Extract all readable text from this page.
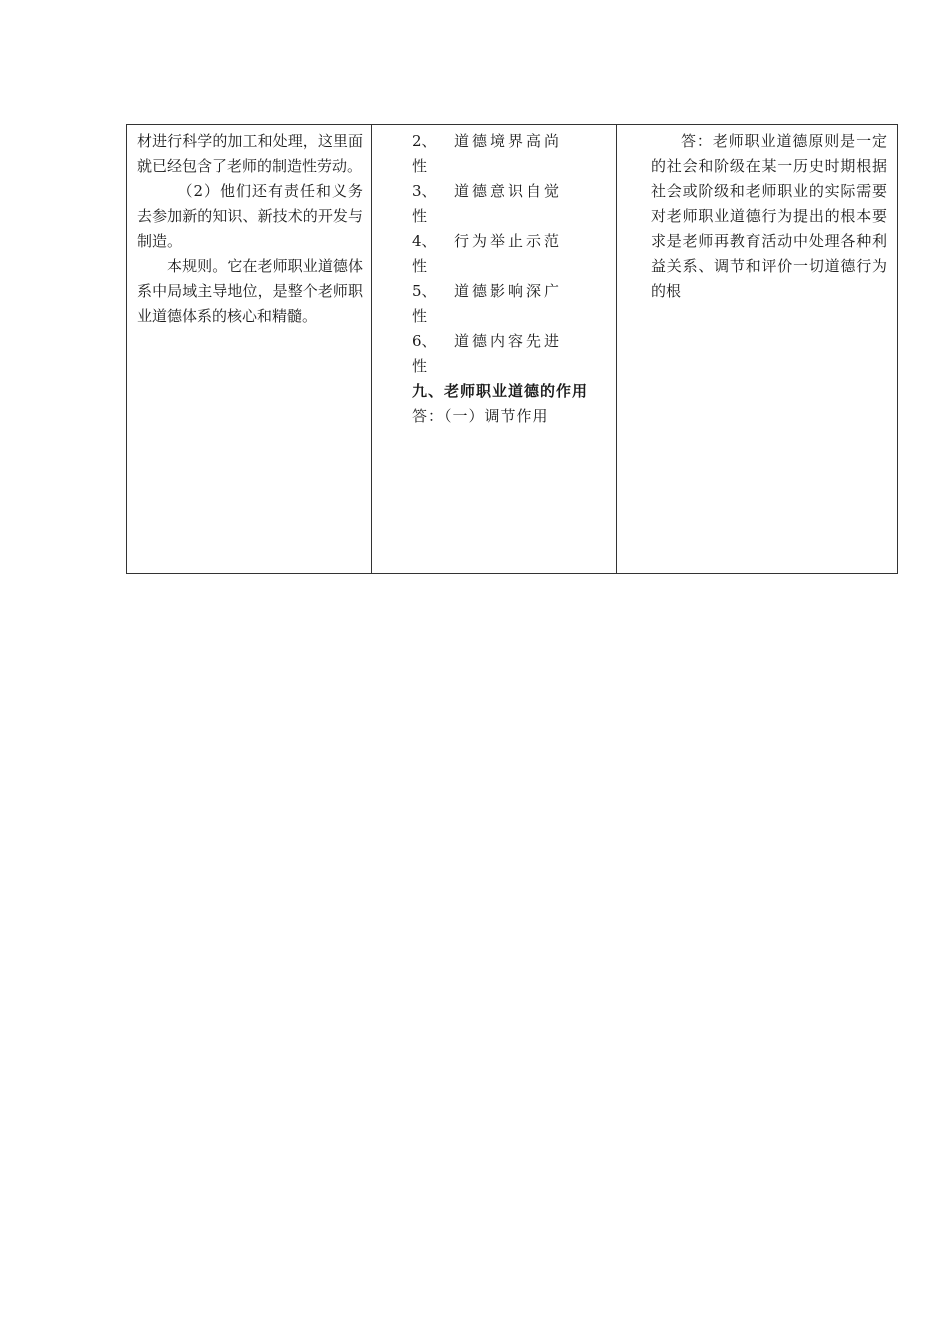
材进行科学的加工和处理，这里面就已经包含了老师的制造性劳动。

（2）他们还有责任和义务去参加新的知识、新技术的开发与制造。

本规则。它在老师职业道德体系中局域主导地位，是整个老师职业道德体系的核心和精髓。

2、 道德境界高尚
性
3、 道德意识自觉
性
4、 行为举止示范
性
5、 道德影响深广
性
6、 道德内容先进
性

九、老师职业道德的作用

答：（一）调节作用

答：老师职业道德原则是一定的社会和阶级在某一历史时期根据社会或阶级和老师职业的实际需要对老师职业道德行为提出的根本要求是老师再教育活动中处理各种利益关系、调节和评价一切道德行为的根
